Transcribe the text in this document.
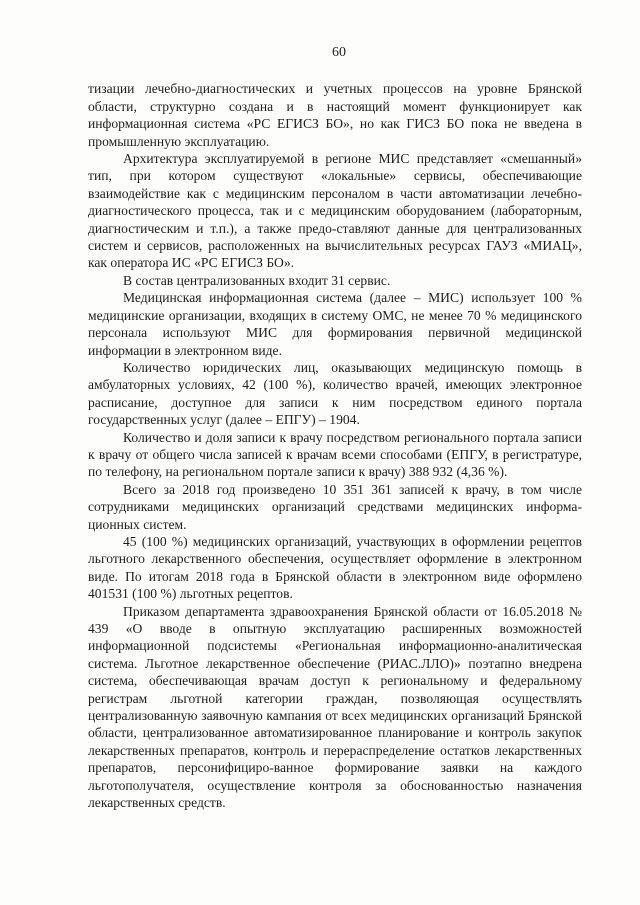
60

тизации лечебно-диагностических и учетных процессов на уровне Брянской области, структурно создана и в настоящий момент функционирует как информационная система «РС ЕГИСЗ БО», но как ГИСЗ БО пока не введена в промышленную эксплуатацию.

Архитектура эксплуатируемой в регионе МИС представляет «смешанный» тип, при котором существуют «локальные» сервисы, обеспечивающие взаимодействие как с медицинским персоналом в части автоматизации лечебно-диагностического процесса, так и с медицинским оборудованием (лабораторным, диагностическим и т.п.), а также предо-ставляют данные для централизованных систем и сервисов, расположенных на вычислительных ресурсах ГАУЗ «МИАЦ», как оператора ИС «РС ЕГИСЗ БО».

В состав централизованных входит 31 сервис.

Медицинская информационная система (далее – МИС) использует 100 % медицинские организации, входящих в систему ОМС, не менее 70 % медицинского персонала используют МИС для формирования первичной медицинской информации в электронном виде.

Количество юридических лиц, оказывающих медицинскую помощь в амбулаторных условиях, 42 (100 %), количество врачей, имеющих электронное расписание, доступное для записи к ним посредством единого портала государственных услуг (далее – ЕПГУ) – 1904.

Количество и доля записи к врачу посредством регионального портала записи к врачу от общего числа записей к врачам всеми способами (ЕПГУ, в регистратуре, по телефону, на региональном портале записи к врачу) 388 932 (4,36 %).

Всего за 2018 год произведено 10 351 361 записей к врачу, в том числе сотрудниками медицинских организаций средствами медицинских информа-ционных систем.

45 (100 %) медицинских организаций, участвующих в оформлении рецептов льготного лекарственного обеспечения, осуществляет оформление в электронном виде. По итогам 2018 года в Брянской области в электронном виде оформлено 401531 (100 %) льготных рецептов.

Приказом департамента здравоохранения Брянской области от 16.05.2018 № 439 «О вводе в опытную эксплуатацию расширенных возможностей информационной подсистемы «Региональная информационно-аналитическая система. Льготное лекарственное обеспечение (РИАС.ЛЛО)» поэтапно внедрена система, обеспечивающая врачам доступ к региональному и федеральному регистрам льготной категории граждан, позволяющая осуществлять централизованную заявочную кампания от всех медицинских организаций Брянской области, централизованное автоматизированное планирование и контроль закупок лекарственных препаратов, контроль и перераспределение остатков лекарственных препаратов, персонифициро-ванное формирование заявки на каждого льготополучателя, осуществление контроля за обоснованностью назначения лекарственных средств.
